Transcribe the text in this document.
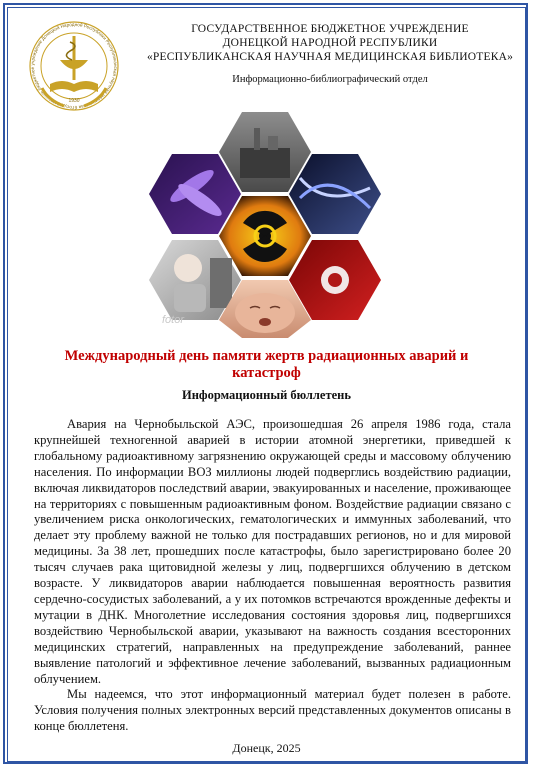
Государственное бюджетное учреждение Донецкой Народной Республики Республиканская научная медицинская б
1930
ГОСУДАРСТВЕННОЕ БЮДЖЕТНОЕ УЧРЕЖДЕНИЕ
ДОНЕЦКОЙ НАРОДНОЙ РЕСПУБЛИКИ
«РЕСПУБЛИКАНСКАЯ НАУЧНАЯ МЕДИЦИНСКАЯ БИБЛИОТЕКА»
Информационно-библиографический отдел
fotor
Международный день памяти жертв радиационных аварий и катастроф
Информационный бюллетень

Авария на Чернобыльской АЭС, произошедшая 26 апреля 1986 года, стала крупнейшей техногенной аварией в истории атомной энергетики, приведшей к глобальному радиоактивному загрязнению окружающей среды и массовому облучению населения. По информации ВОЗ миллионы людей подверглись воздействию радиации, включая ликвидаторов последствий аварии, эвакуированных и население, проживающее на территориях с повышенным радиоактивным фоном. Воздействие радиации связано с увеличением риска онкологических, гематологических и иммунных заболеваний, что делает эту проблему важной не только для пострадавших регионов, но и для мировой медицины. За 38 лет, прошедших после катастрофы, было зарегистрировано более 20 тысяч случаев рака щитовидной железы у лиц, подвергшихся облучению в детском возрасте. У ликвидаторов аварии наблюдается повышенная вероятность развития сердечно-сосудистых заболеваний, а у их потомков встречаются врожденные дефекты и мутации в ДНК. Многолетние исследования состояния здоровья лиц, подвергшихся воздействию Чернобыльской аварии, указывают на важность создания всесторонних медицинских стратегий, направленных на предупреждение заболеваний, раннее выявление патологий и эффективное лечение заболеваний, вызванных радиационным облучением.

Мы надеемся, что этот информационный материал будет полезен в работе. Условия получения полных электронных версий представленных документов описаны в конце бюллетеня.

Донецк, 2025
